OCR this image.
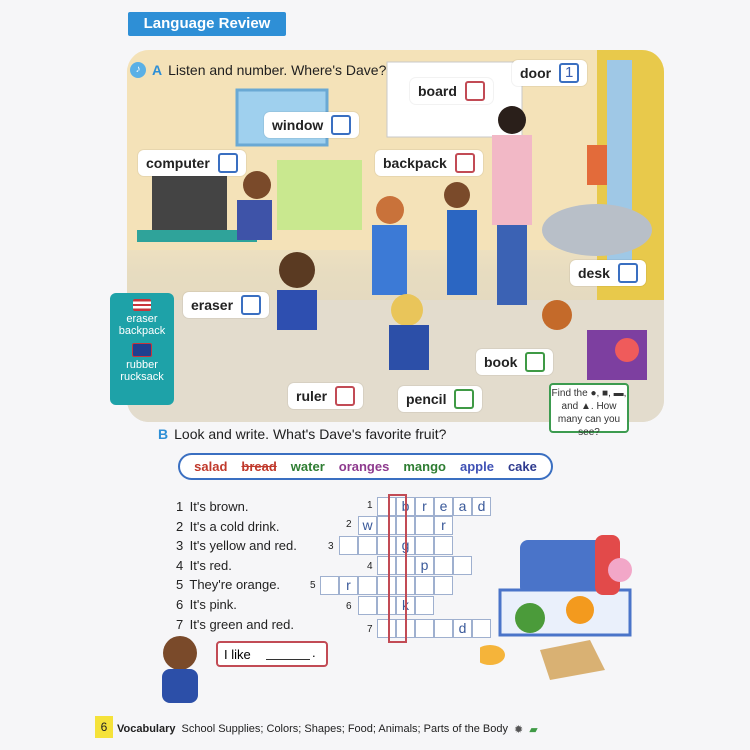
Language Review
♪ A Listen and number. Where's Dave?
board
door 1
window
computer	backpack
desk
eraser
book
ruler	pencil
eraser
backpack
rubber
rucksack
Find the ●, ■, ▬, and ▲. How many can you see?
B Look and write. What's Dave's favorite fruit?
salad bread water oranges mango apple cake
1 It's brown.
2 It's a cold drink.
3 It's yellow and red.
4 It's red.
5 They're orange.
6 It's pink.
7 It's green and red.
1
2
3
4
5
6
7
b r e a d
w	r
g
p
r
k
d
I like	.
6 Vocabulary School Supplies; Colors; Shapes; Food; Animals; Parts of the Body ✹ ▰
